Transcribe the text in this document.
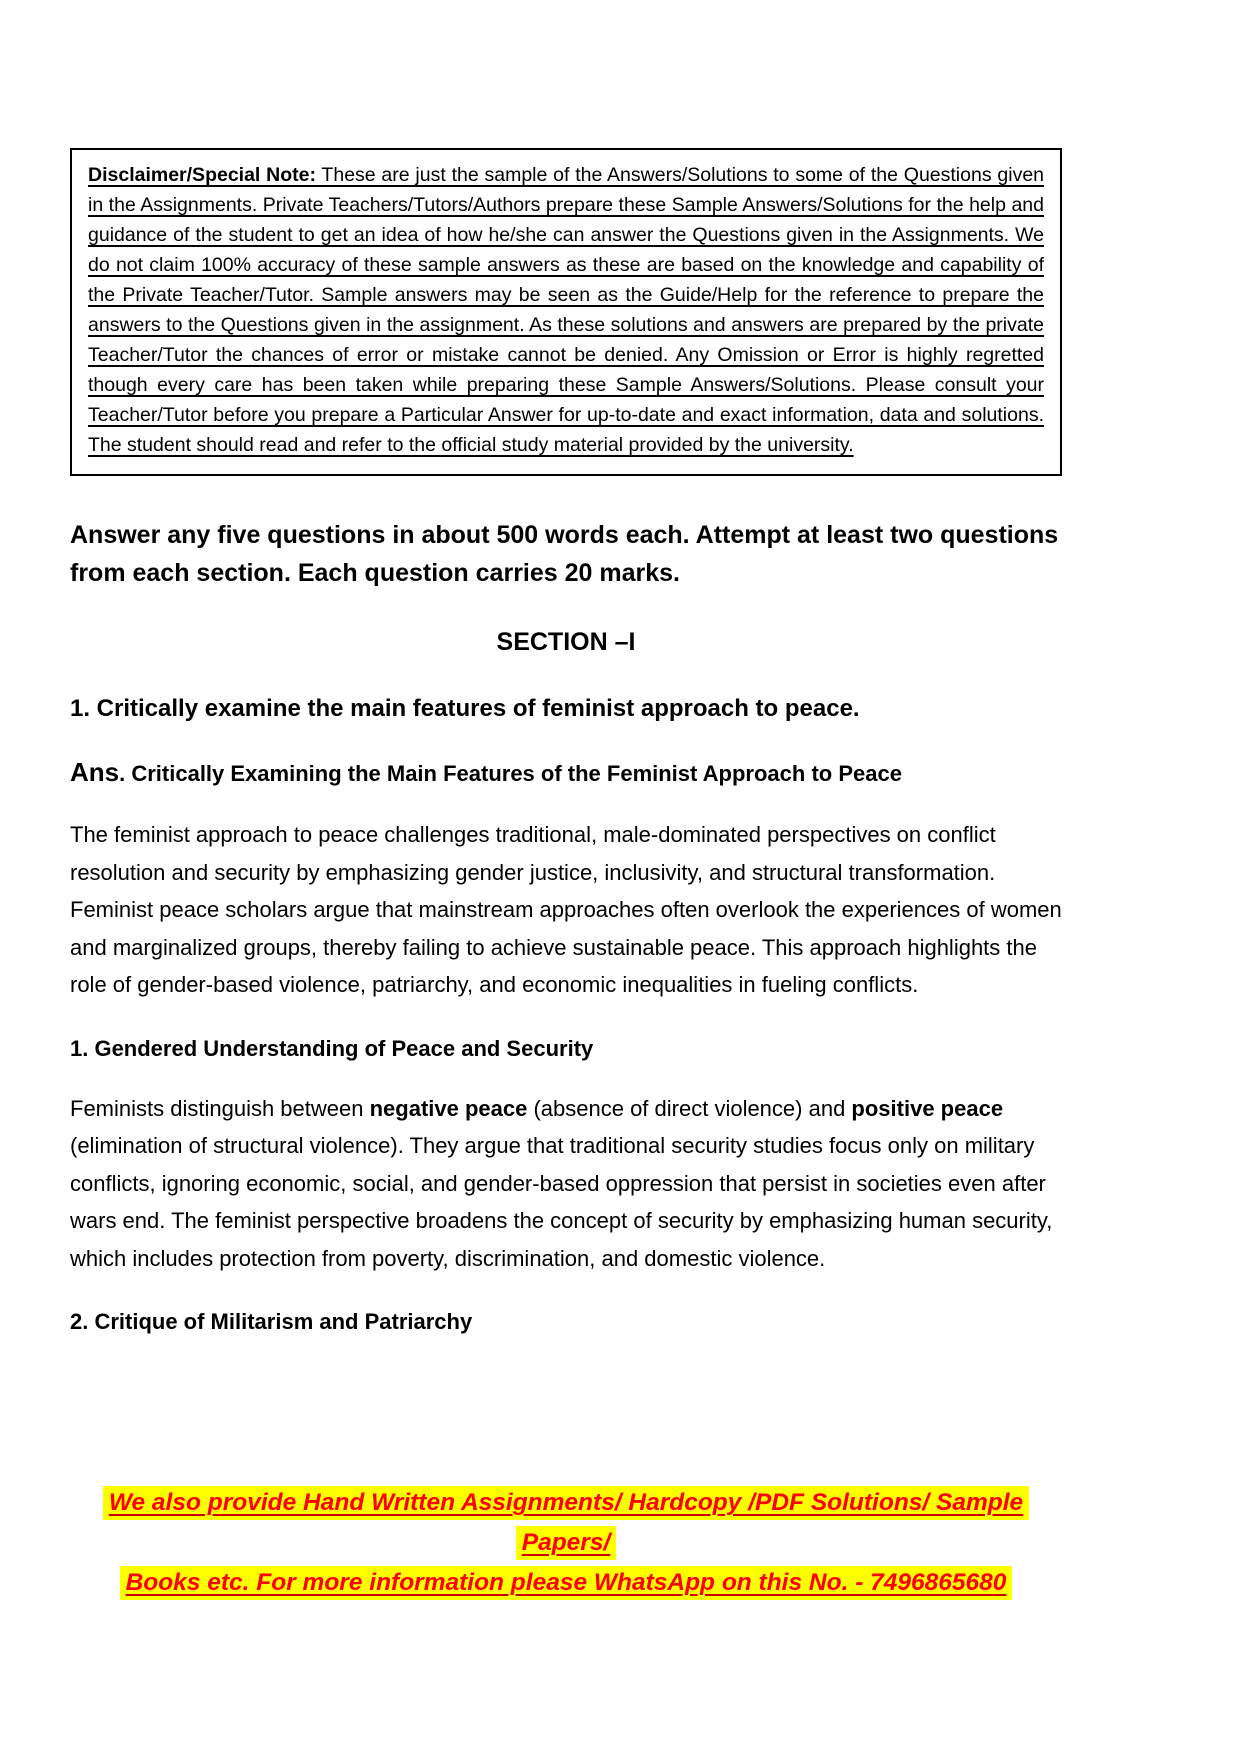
Disclaimer/Special Note: These are just the sample of the Answers/Solutions to some of the Questions given in the Assignments. Private Teachers/Tutors/Authors prepare these Sample Answers/Solutions for the help and guidance of the student to get an idea of how he/she can answer the Questions given in the Assignments. We do not claim 100% accuracy of these sample answers as these are based on the knowledge and capability of the Private Teacher/Tutor. Sample answers may be seen as the Guide/Help for the reference to prepare the answers to the Questions given in the assignment. As these solutions and answers are prepared by the private Teacher/Tutor the chances of error or mistake cannot be denied. Any Omission or Error is highly regretted though every care has been taken while preparing these Sample Answers/Solutions. Please consult your Teacher/Tutor before you prepare a Particular Answer for up-to-date and exact information, data and solutions. The student should read and refer to the official study material provided by the university.

Answer any five questions in about 500 words each. Attempt at least two questions from each section. Each question carries 20 marks.

SECTION –I
1. Critically examine the main features of feminist approach to peace.
Ans. Critically Examining the Main Features of the Feminist Approach to Peace

The feminist approach to peace challenges traditional, male-dominated perspectives on conflict resolution and security by emphasizing gender justice, inclusivity, and structural transformation. Feminist peace scholars argue that mainstream approaches often overlook the experiences of women and marginalized groups, thereby failing to achieve sustainable peace. This approach highlights the role of gender-based violence, patriarchy, and economic inequalities in fueling conflicts.

1. Gendered Understanding of Peace and Security

Feminists distinguish between negative peace (absence of direct violence) and positive peace (elimination of structural violence). They argue that traditional security studies focus only on military conflicts, ignoring economic, social, and gender-based oppression that persist in societies even after wars end. The feminist perspective broadens the concept of security by emphasizing human security, which includes protection from poverty, discrimination, and domestic violence.

2. Critique of Militarism and Patriarchy
We also provide Hand Written Assignments/ Hardcopy /PDF Solutions/ Sample Papers/
Books etc. For more information please WhatsApp on this No. - 7496865680
